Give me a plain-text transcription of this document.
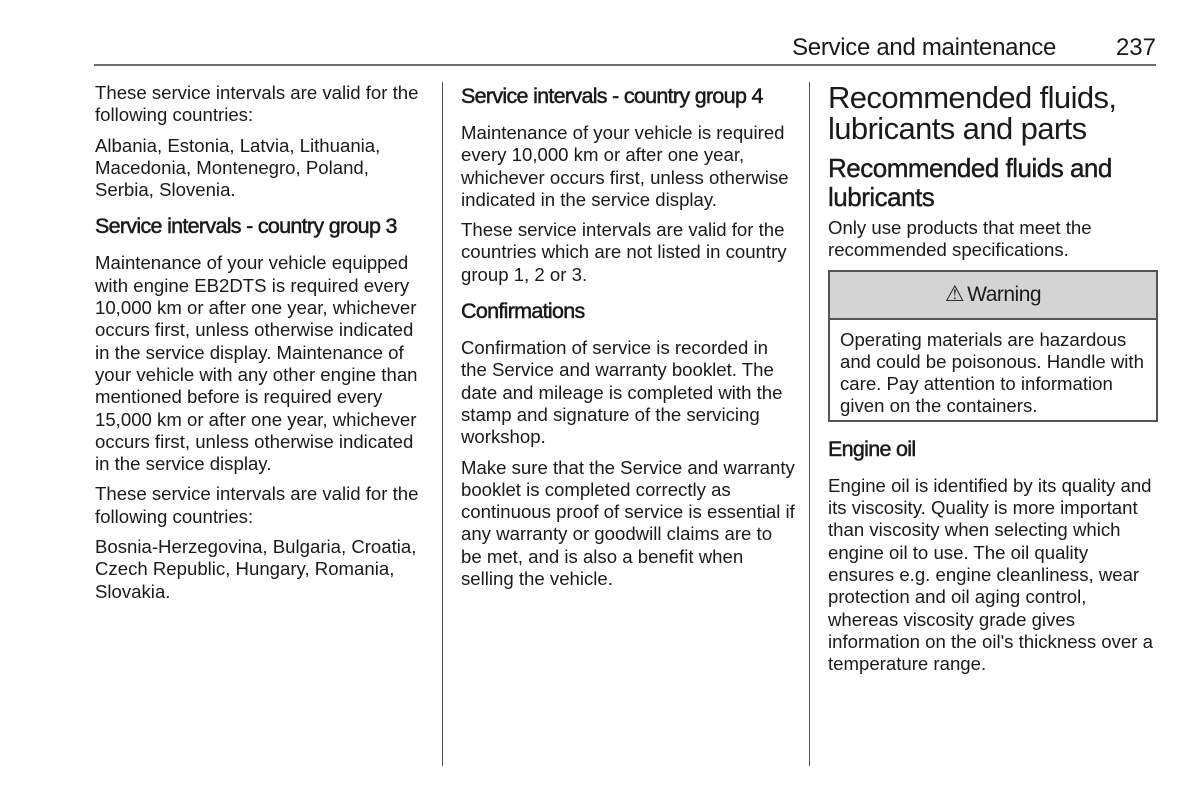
Service and maintenance 237

These service intervals are valid for the following countries:

Albania, Estonia, Latvia, Lithuania, Macedonia, Montenegro, Poland, Serbia, Slovenia.

Service intervals - country group 3

Maintenance of your vehicle equipped with engine EB2DTS is required every 10,000 km or after one year, whichever occurs first, unless otherwise indicated in the service display. Maintenance of your vehicle with any other engine than mentioned before is required every 15,000 km or after one year, whichever occurs first, unless otherwise indicated in the service display.

These service intervals are valid for the following countries:

Bosnia-Herzegovina, Bulgaria, Croatia, Czech Republic, Hungary, Romania, Slovakia.

Service intervals - country group 4

Maintenance of your vehicle is required every 10,000 km or after one year, whichever occurs first, unless otherwise indicated in the service display.

These service intervals are valid for the countries which are not listed in country group 1, 2 or 3.

Confirmations

Confirmation of service is recorded in the Service and warranty booklet. The date and mileage is completed with the stamp and signature of the servicing workshop.

Make sure that the Service and warranty booklet is completed correctly as continuous proof of service is essential if any warranty or goodwill claims are to be met, and is also a benefit when selling the vehicle.

Recommended fluids, lubricants and parts
Recommended fluids and lubricants

Only use products that meet the recommended specifications.

⚠ Warning

Operating materials are hazardous and could be poisonous. Handle with care. Pay attention to information given on the containers.

Engine oil

Engine oil is identified by its quality and its viscosity. Quality is more important than viscosity when selecting which engine oil to use. The oil quality ensures e.g. engine cleanliness, wear protection and oil aging control, whereas viscosity grade gives information on the oil's thickness over a temperature range.
